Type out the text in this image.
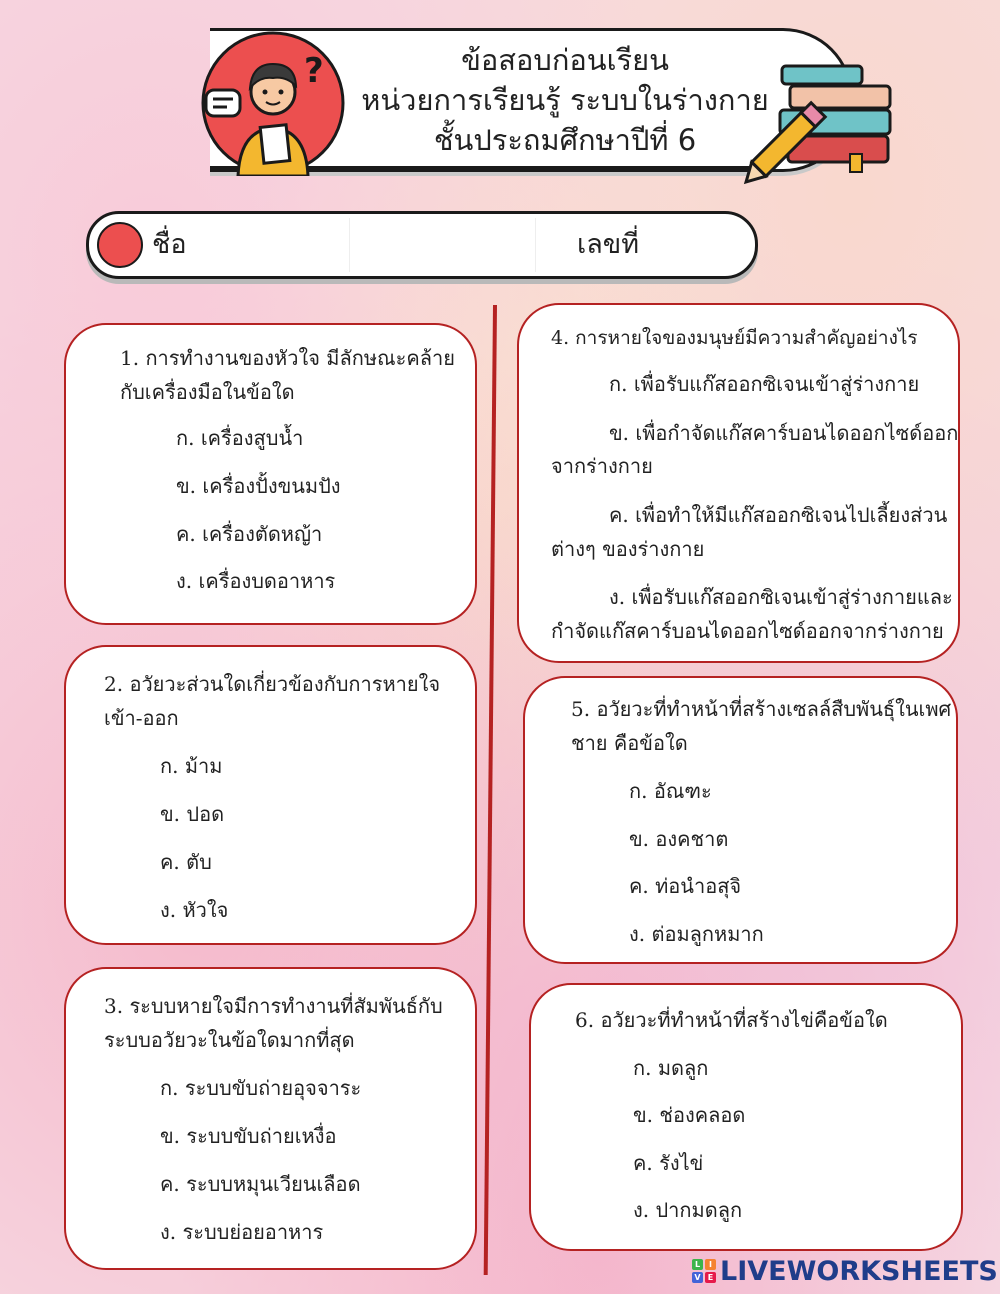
?	ข้อสอบก่อนเรียน
หน่วยการเรียนรู้ ระบบในร่างกาย
ชั้นประถมศึกษาปีที่ 6
ชื่อ	เลขที่
1. การทำงานของหัวใจ มีลักษณะคล้าย
กับเครื่องมือในข้อใด
ก. เครื่องสูบน้ำ
ข. เครื่องปั้งขนมปัง
ค. เครื่องตัดหญ้า
ง. เครื่องบดอาหาร
2. อวัยวะส่วนใดเกี่ยวข้องกับการหายใจ
เข้า-ออก
ก. ม้าม
ข. ปอด
ค. ตับ
ง. หัวใจ
3. ระบบหายใจมีการทำงานที่สัมพันธ์กับ
ระบบอวัยวะในข้อใดมากที่สุด
ก. ระบบขับถ่ายอุจจาระ
ข. ระบบขับถ่ายเหงื่อ
ค. ระบบหมุนเวียนเลือด
ง. ระบบย่อยอาหาร
4. การหายใจของมนุษย์มีความสำคัญอย่างไร
ก. เพื่อรับแก๊สออกซิเจนเข้าสู่ร่างกาย
ข. เพื่อกำจัดแก๊สคาร์บอนไดออกไซด์ออก
จากร่างกาย
ค. เพื่อทำให้มีแก๊สออกซิเจนไปเลี้ยงส่วน
ต่างๆ ของร่างกาย
ง. เพื่อรับแก๊สออกซิเจนเข้าสู่ร่างกายและ
กำจัดแก๊สคาร์บอนไดออกไซด์ออกจากร่างกาย
5. อวัยวะที่ทำหน้าที่สร้างเซลล์สืบพันธุ์ในเพศ
ชาย คือข้อใด
ก. อัณฑะ
ข. องคชาต
ค. ท่อนำอสุจิ
ง. ต่อมลูกหมาก
6. อวัยวะที่ทำหน้าที่สร้างไข่คือข้อใด
ก. มดลูก
ข. ช่องคลอด
ค. รังไข่
ง. ปากมดลูก
L	I
V E LIVEWORKSHEETS
